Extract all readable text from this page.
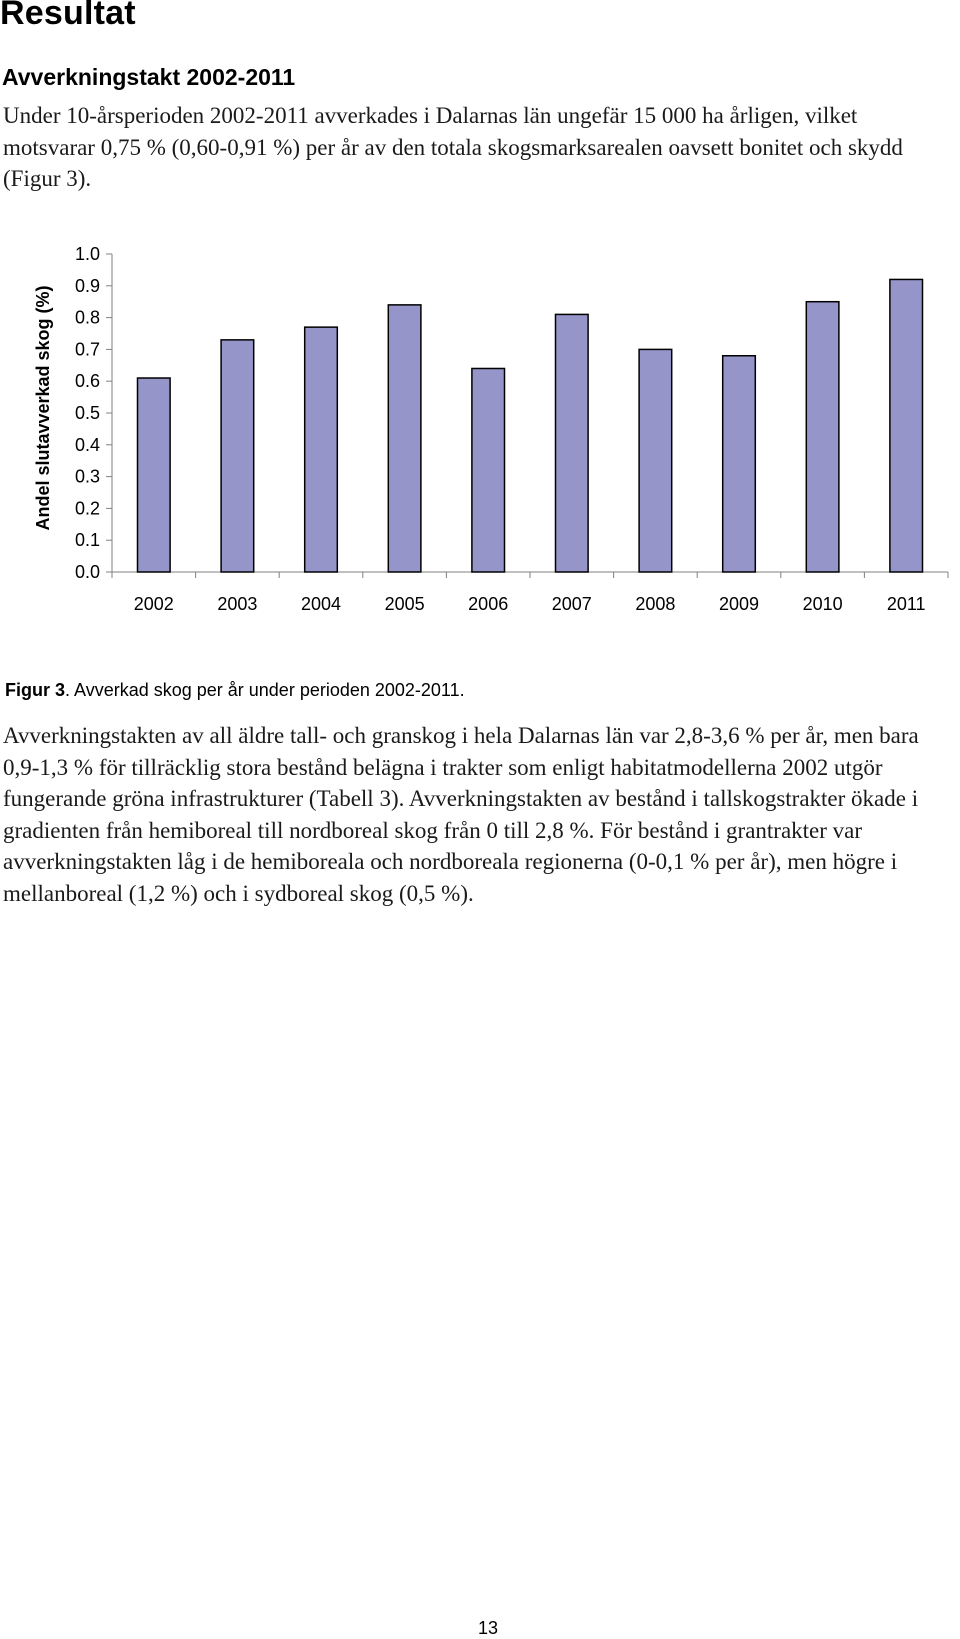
Resultat
Avverkningstakt 2002-2011

Under 10-årsperioden 2002-2011 avverkades i Dalarnas län ungefär 15 000 ha årligen, vilket motsvarar 0,75 % (0,60-0,91 %) per år av den totala skogsmarksarealen oavsett bonitet och skydd (Figur 3).

0.0
0.1
0.2
0.3
0.4
0.5
0.6
0.7
0.8
0.9
1.0
2002 2003 2004 2005 2006 2007 2008 2009 2010 2011
Andel slutavverkad skog (%)

Figur 3. Avverkad skog per år under perioden 2002-2011.

Avverkningstakten av all äldre tall- och granskog i hela Dalarnas län var 2,8-3,6 % per år, men bara 0,9-1,3 % för tillräcklig stora bestånd belägna i trakter som enligt habitatmodellerna 2002 utgör fungerande gröna infrastrukturer (Tabell 3). Avverkningstakten av bestånd i tallskogstrakter ökade i gradienten från hemiboreal till nordboreal skog från 0 till 2,8 %. För bestånd i grantrakter var avverkningstakten låg i de hemiboreala och nordboreala regionerna (0-0,1 % per år), men högre i mellanboreal (1,2 %) och i sydboreal skog (0,5 %).

13
